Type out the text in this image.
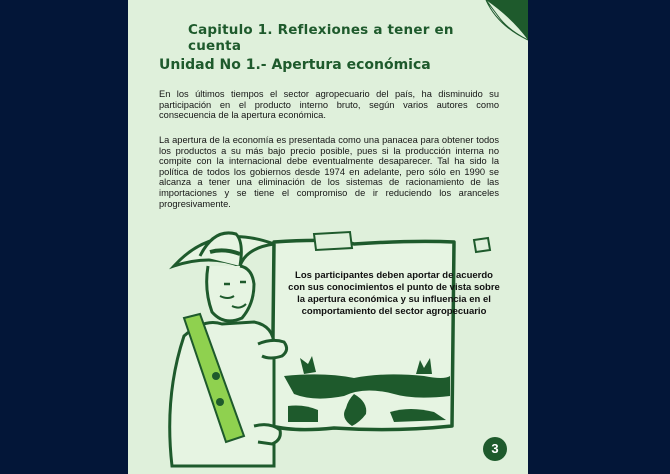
Capitulo 1. Reflexiones a tener en cuenta
Unidad No 1.- Apertura económica

En los últimos tiempos el sector agropecuario del país, ha disminuido su participación en el producto interno bruto, según varios autores como consecuencia de la apertura económica.

La apertura de la economía es presentada como una panacea para obtener todos los productos a su más bajo precio posible, pues si la producción interna no compite con la internacional debe eventualmente desaparecer. Tal ha sido la política de todos los gobiernos desde 1974 en adelante, pero sólo en 1990 se alcanza a tener una eliminación de los sistemas de racionamiento de las importaciones y se tiene el compromiso de ir reduciendo los aranceles progresivamente.

Los participantes deben aportar de acuerdo con sus conocimientos el punto de vista sobre la apertura económica y su influencia en el comportamiento del sector agropecuario
3
